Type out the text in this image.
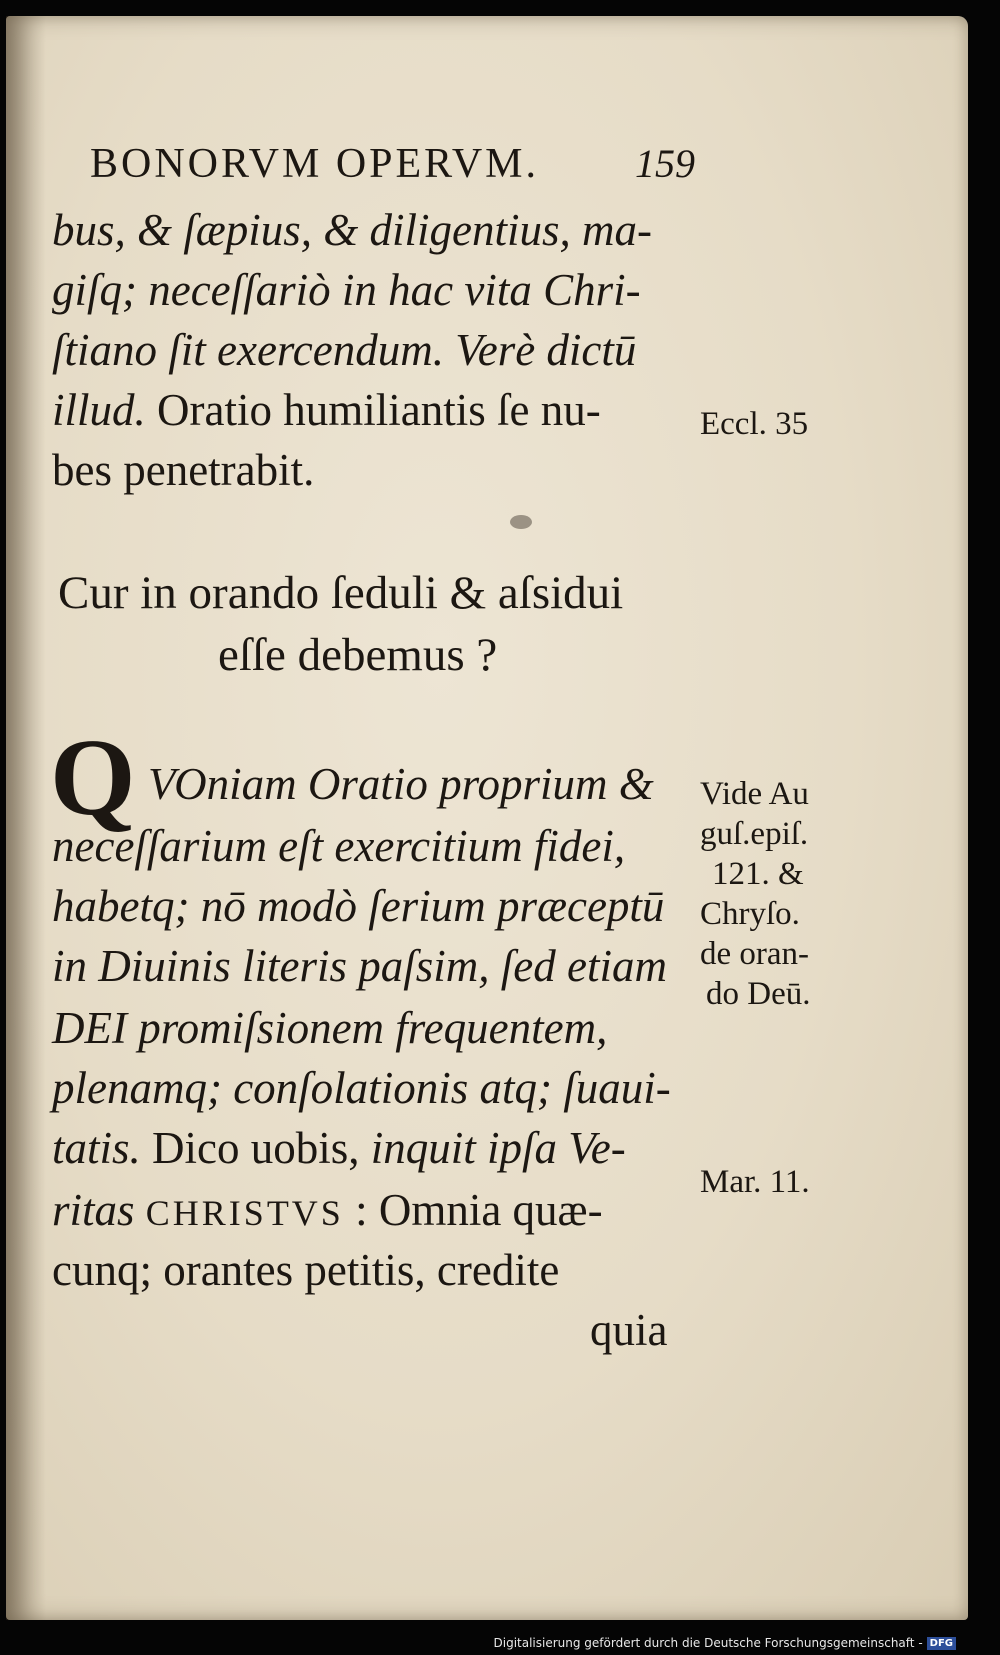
BONORVM OPERVM. 159
bus, & ſæpius, & diligentius, ma-
giſq; neceſſariò in hac vita Chri-
ſtiano ſit exercendum. Verè dictū
illud. Oratio humiliantis ſe nu-
bes penetrabit.
Cur in orando ſeduli & aſsidui
eſſe debemus ?
Q VOniam Oratio proprium &
neceſſarium eſt exercitium fidei,
habetq; nō modò ſerium præceptū
in Diuinis literis paſsim, ſed etiam
DEI promiſsionem frequentem,
plenamq; conſolationis atq; ſuaui-
tatis. Dico uobis, inquit ipſa Ve-
ritas CHRISTVS : Omnia quæ-
cunq; orantes petitis, credite
quia
Eccl. 35
Vide Au
guſ.epiſ.
121. &
Chryſo.
de oran-
do Deū.
Mar. 11.
Digitalisierung gefördert durch die Deutsche Forschungsgemeinschaft - DFG
